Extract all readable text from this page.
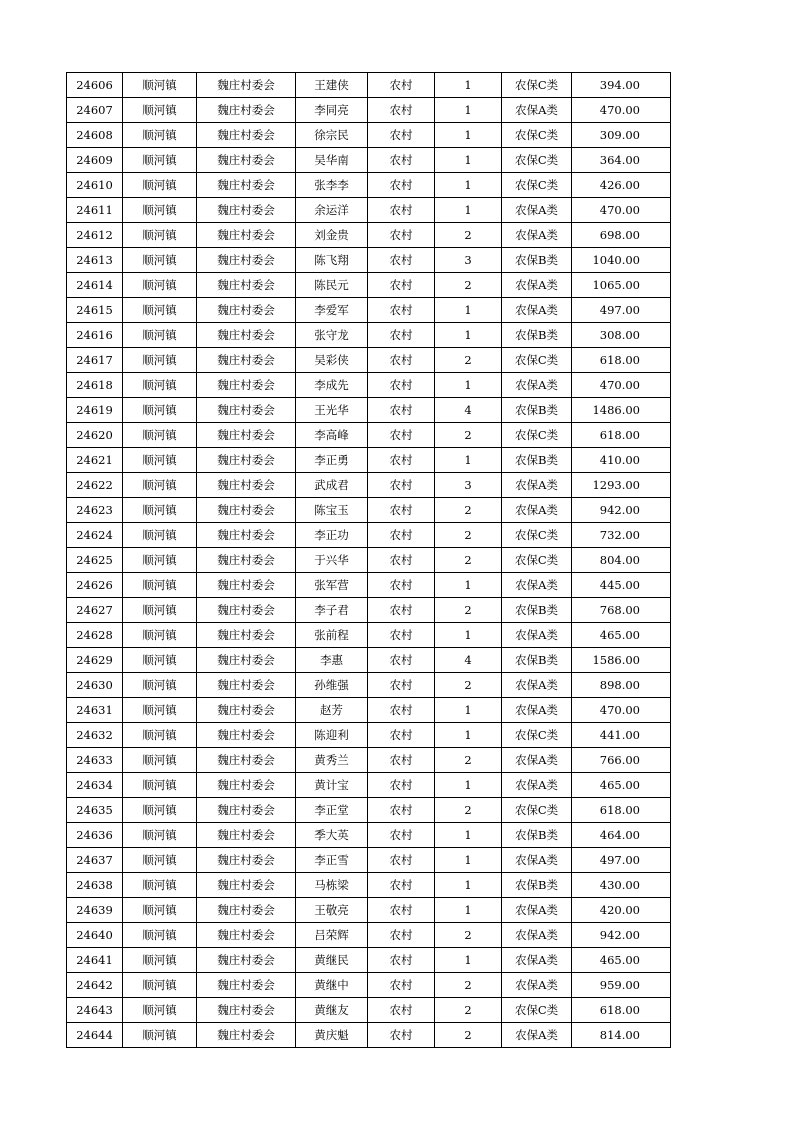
24606	顺河镇	魏庄村委会	王建侠	农村	1	农保C类	394.00
24607	顺河镇	魏庄村委会	李同亮	农村	1	农保A类	470.00
24608	顺河镇	魏庄村委会	徐宗民	农村	1	农保C类	309.00
24609	顺河镇	魏庄村委会	吴华南	农村	1	农保C类	364.00
24610	顺河镇	魏庄村委会	张李李	农村	1	农保C类	426.00
24611	顺河镇	魏庄村委会	余运洋	农村	1	农保A类	470.00
24612	顺河镇	魏庄村委会	刘金贵	农村	2	农保A类	698.00
24613	顺河镇	魏庄村委会	陈飞翔	农村	3	农保B类	1040.00
24614	顺河镇	魏庄村委会	陈民元	农村	2	农保A类	1065.00
24615	顺河镇	魏庄村委会	李爱军	农村	1	农保A类	497.00
24616	顺河镇	魏庄村委会	张守龙	农村	1	农保B类	308.00
24617	顺河镇	魏庄村委会	吴彩侠	农村	2	农保C类	618.00
24618	顺河镇	魏庄村委会	李成先	农村	1	农保A类	470.00
24619	顺河镇	魏庄村委会	王光华	农村	4	农保B类	1486.00
24620	顺河镇	魏庄村委会	李高峰	农村	2	农保C类	618.00
24621	顺河镇	魏庄村委会	李正勇	农村	1	农保B类	410.00
24622	顺河镇	魏庄村委会	武成君	农村	3	农保A类	1293.00
24623	顺河镇	魏庄村委会	陈宝玉	农村	2	农保A类	942.00
24624	顺河镇	魏庄村委会	李正功	农村	2	农保C类	732.00
24625	顺河镇	魏庄村委会	于兴华	农村	2	农保C类	804.00
24626	顺河镇	魏庄村委会	张军营	农村	1	农保A类	445.00
24627	顺河镇	魏庄村委会	李子君	农村	2	农保B类	768.00
24628	顺河镇	魏庄村委会	张前程	农村	1	农保A类	465.00
24629	顺河镇	魏庄村委会	李惠	农村	4	农保B类	1586.00
24630	顺河镇	魏庄村委会	孙维强	农村	2	农保A类	898.00
24631	顺河镇	魏庄村委会	赵芳	农村	1	农保A类	470.00
24632	顺河镇	魏庄村委会	陈迎利	农村	1	农保C类	441.00
24633	顺河镇	魏庄村委会	黄秀兰	农村	2	农保A类	766.00
24634	顺河镇	魏庄村委会	黄计宝	农村	1	农保A类	465.00
24635	顺河镇	魏庄村委会	李正堂	农村	2	农保C类	618.00
24636	顺河镇	魏庄村委会	季大英	农村	1	农保B类	464.00
24637	顺河镇	魏庄村委会	李正雪	农村	1	农保A类	497.00
24638	顺河镇	魏庄村委会	马栋梁	农村	1	农保B类	430.00
24639	顺河镇	魏庄村委会	王敬亮	农村	1	农保A类	420.00
24640	顺河镇	魏庄村委会	吕荣辉	农村	2	农保A类	942.00
24641	顺河镇	魏庄村委会	黄继民	农村	1	农保A类	465.00
24642	顺河镇	魏庄村委会	黄继中	农村	2	农保A类	959.00
24643	顺河镇	魏庄村委会	黄继友	农村	2	农保C类	618.00
24644	顺河镇	魏庄村委会	黄庆魁	农村	2	农保A类	814.00
